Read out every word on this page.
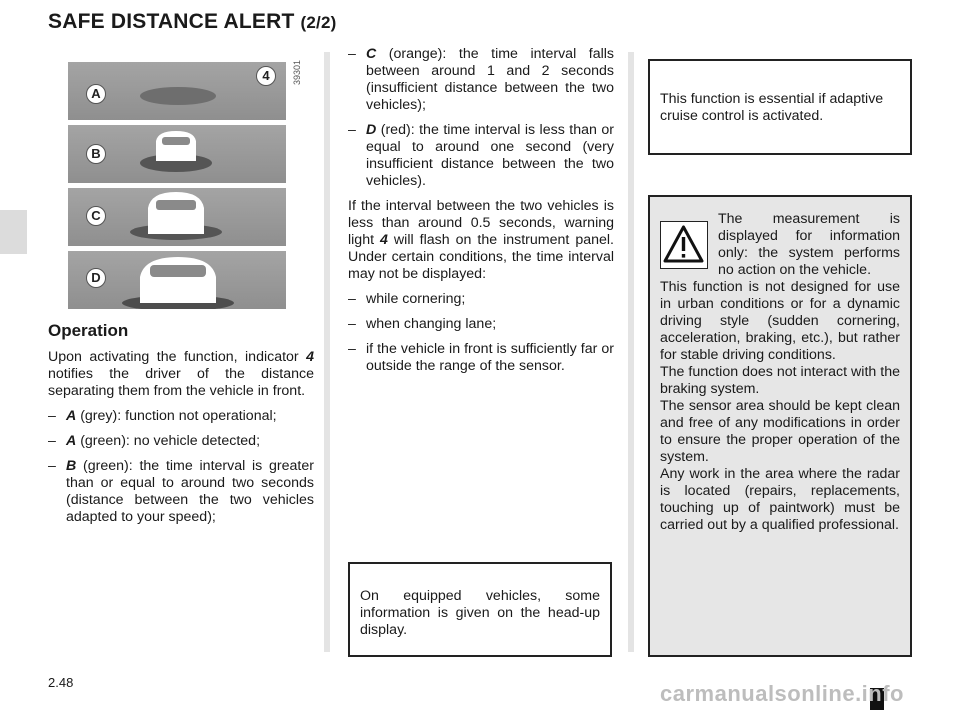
SAFE DISTANCE ALERT (2/2)
A
B
C
D
4	39301
Operation

Upon activating the function, indicator 4 notifies the driver of the distance separating them from the vehicle in front.

– A (grey): function not operational;
– A (green): no vehicle detected;
– B (green): the time interval is greater than or equal to around two seconds (distance between the two vehicles adapted to your speed);
– C (orange): the time interval falls between around 1 and 2 seconds (insufficient distance between the two vehicles);
– D (red): the time interval is less than or equal to around one second (very insufficient distance between the two vehicles).

If the interval between the two vehicles is less than around 0.5 seconds, warning light 4 will flash on the instrument panel. Under certain conditions, the time interval may not be displayed:

– while cornering;
– when changing lane;
– if the vehicle in front is sufficiently far or outside the range of the sensor.
On equipped vehicles, some information is given on the head-up display.
This function is essential if adaptive cruise control is activated.
The measurement is displayed for information only: the system performs no action on the vehicle.
This function is not designed for use in urban conditions or for a dynamic driving style (sudden cornering, acceleration, braking, etc.), but rather for stable driving conditions.
The function does not interact with the braking system.
The sensor area should be kept clean and free of any modifications in order to ensure the proper operation of the system.
Any work in the area where the radar is located (repairs, replacements, touching up of paintwork) must be carried out by a qualified professional.
2.48	carmanualsonline.info
